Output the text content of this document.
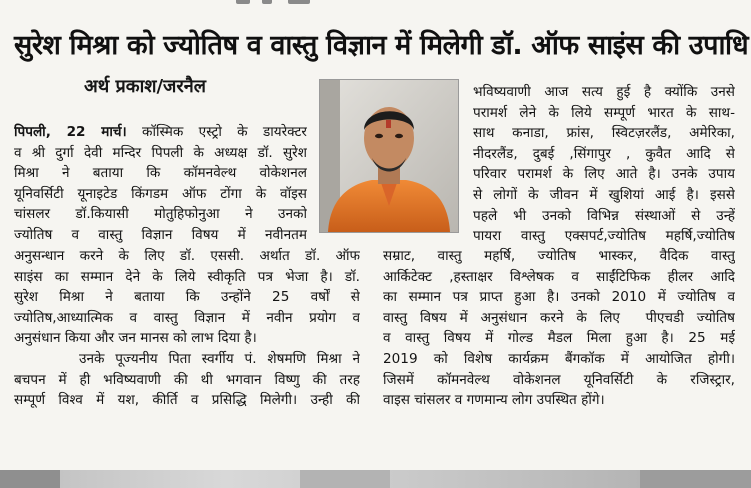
सुरेश मिश्रा को ज्योतिष व वास्तु विज्ञान में मिलेगी डॉ. ऑफ साइंस की उपाधि
अर्थ प्रकाश/जरनैल
पिपली, 22 मार्च। कॉस्मिक एस्ट्रो के डायरेक्टर
व श्री दुर्गा देवी मन्दिर पिपली के अध्यक्ष डॉ. सुरेश
मिश्रा ने बताया कि कॉमनवेल्थ वोकेशनल
यूनिवर्सिटी यूनाइटेड किंगडम ऑफ टोंगा के वॉइस
चांसलर डॉ.कियासी मोतुहिफोनुआ ने उनको
ज्योतिष व वास्तु विज्ञान विषय में नवीनतम
अनुसन्धान करने के लिए डॉ. एससी. अर्थात डॉ. ऑफ
साइंस का सम्मान देने के लिये स्वीकृति पत्र भेजा है। डॉ.
सुरेश मिश्रा ने बताया कि उन्होंने 25 वर्षों से
ज्योतिष,आध्यात्मिक व वास्तु विज्ञान में नवीन प्रयोग व
अनुसंधान किया और जन मानस को लाभ दिया है।
उनके पूज्यनीय पिता स्वर्गीय पं. शेषमणि मिश्रा ने
बचपन में ही भविष्यवाणी की थी भगवान विष्णु की तरह
सम्पूर्ण विश्व में यश, कीर्ति व प्रसिद्धि मिलेगी। उन्ही की
भविष्यवाणी आज सत्य हुई है क्योंकि उनसे
परामर्श लेने के लिये सम्पूर्ण भारत के साथ-
साथ कनाडा, फ्रांस, स्विटज़रलैंड, अमेरिका,
नीदरलैंड, दुबई ,सिंगापुर , कुवैत आदि से
परिवार परामर्श के लिए आते है। उनके उपाय
से लोगों के जीवन में खुशियां आई है। इससे
पहले भी उनको विभिन्न संस्थाओं से उन्हें
पायरा वास्तु एक्सपर्ट,ज्योतिष महर्षि,ज्योतिष
सम्राट, वास्तु महर्षि, ज्योतिष भास्कर, वैदिक वास्तु
आर्किटेक्ट ,हस्ताक्षर विश्लेषक व साईंटिफिक हीलर आदि
का सम्मान पत्र प्राप्त हुआ है। उनको 2010 में ज्योतिष व
वास्तु विषय में अनुसंधान करने के लिए  पीएचडी ज्योतिष
व वास्तु विषय में गोल्ड मैडल मिला हुआ है। 25 मई
2019 को विशेष कार्यक्रम बैंगकॉक में आयोजित होगी।
जिसमें कॉमनवेल्थ वोकेशनल यूनिवर्सिटी के रजिस्ट्रार,
वाइस चांसलर व गणमान्य लोग उपस्थित होंगे।
